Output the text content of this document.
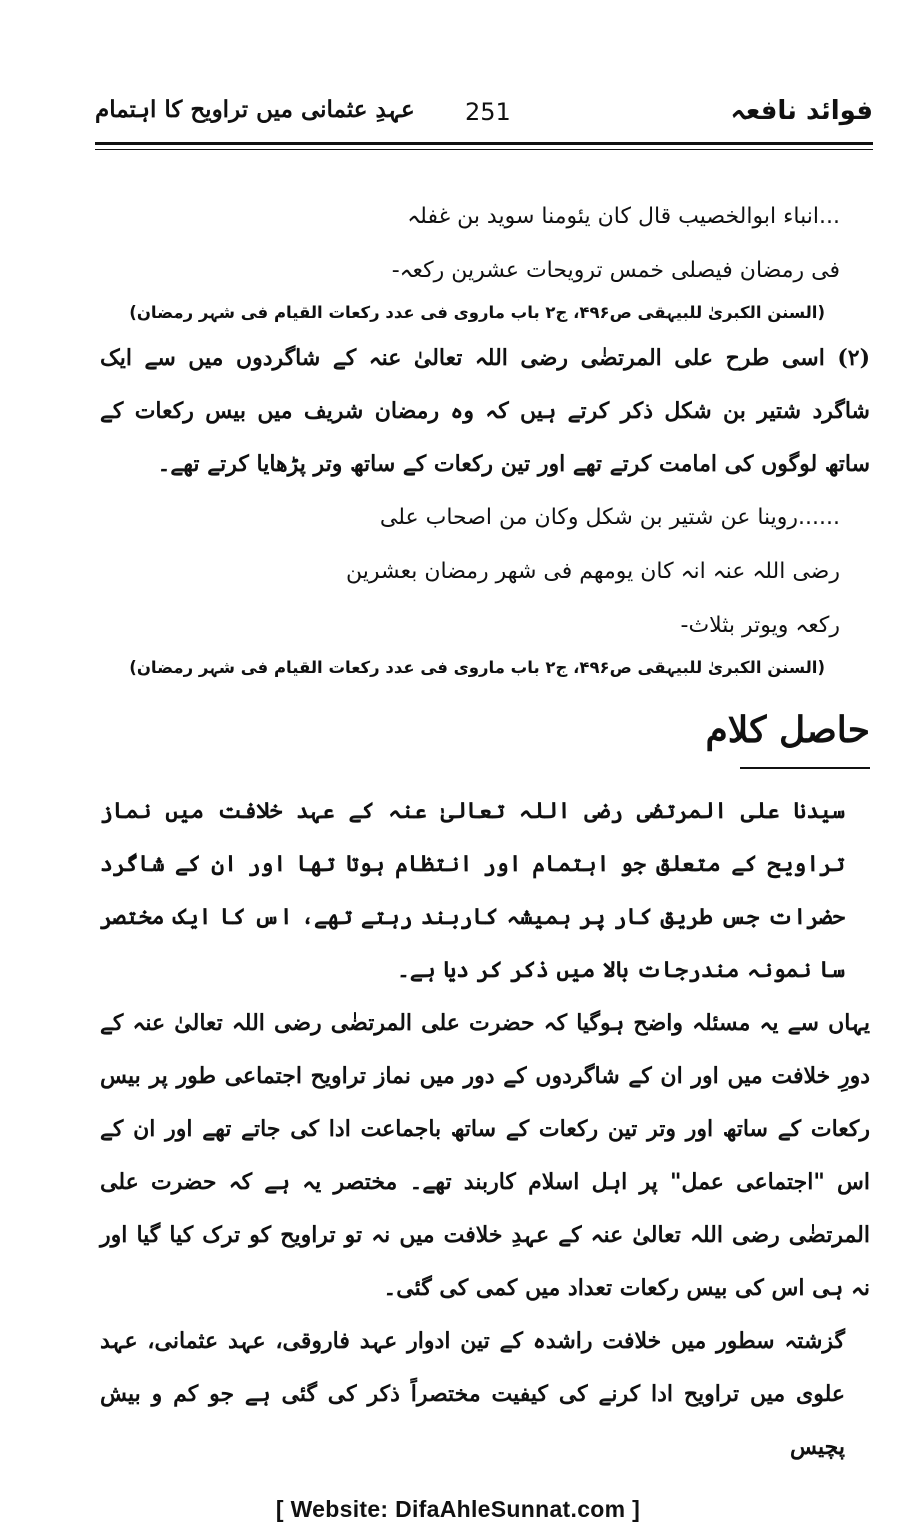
فوائد نافعہ
251
عہدِ عثمانی میں تراویح کا اہتمام
...انباء ابوالخصیب قال کان یئومنا سوید بن غفلہ
فی رمضان فیصلی خمس ترویحات عشرین رکعہ-
(السنن الکبریٰ للبیہقی ص۴۹۶، ج۲ باب ماروی فی عدد رکعات القیام فی شہر رمضان)

(۲) اسی طرح علی المرتضٰی رضی اللہ تعالیٰ عنہ کے شاگردوں میں سے ایک شاگرد شتیر بن شکل ذکر کرتے ہیں کہ وہ رمضان شریف میں بیس رکعات کے ساتھ لوگوں کی امامت کرتے تھے اور تین رکعات کے ساتھ وتر پڑھایا کرتے تھے۔

......روینا عن شتیر بن شکل وکان من اصحاب علی
رضی اللہ عنہ انہ کان یومھم فی شھر رمضان بعشرین
رکعہ ویوتر بثلاث-
(السنن الکبریٰ للبیہقی ص۴۹۶، ج۲ باب ماروی فی عدد رکعات القیام فی شہر رمضان)
حاصل کلام

سیدنا علی المرتضٰی رضی اللہ تعالیٰ عنہ کے عہد خلافت میں نماز تراویح کے متعلق جو اہتمام اور انتظام ہوتا تھا اور ان کے شاگرد حضرات جس طریق کار پر ہمیشہ کاربند رہتے تھے، اس کا ایک مختصر سا نمونہ مندرجات بالا میں ذکر کر دیا ہے۔

یہاں سے یہ مسئلہ واضح ہوگیا کہ حضرت علی المرتضٰی رضی اللہ تعالیٰ عنہ کے دورِ خلافت میں اور ان کے شاگردوں کے دور میں نماز تراویح اجتماعی طور پر بیس رکعات کے ساتھ اور وتر تین رکعات کے ساتھ باجماعت ادا کی جاتے تھے اور ان کے اس "اجتماعی عمل" پر اہل اسلام کاربند تھے۔ مختصر یہ ہے کہ حضرت علی المرتضٰی رضی اللہ تعالیٰ عنہ کے عہدِ خلافت میں نہ تو تراویح کو ترک کیا گیا اور نہ ہی اس کی بیس رکعات تعداد میں کمی کی گئی۔

گزشتہ سطور میں خلافت راشدہ کے تین ادوار عہد فاروقی، عہد عثمانی، عہد علوی میں تراویح ادا کرنے کی کیفیت مختصراً ذکر کی گئی ہے جو کم و بیش پچیس

[ Website: DifaAhleSunnat.com ]
